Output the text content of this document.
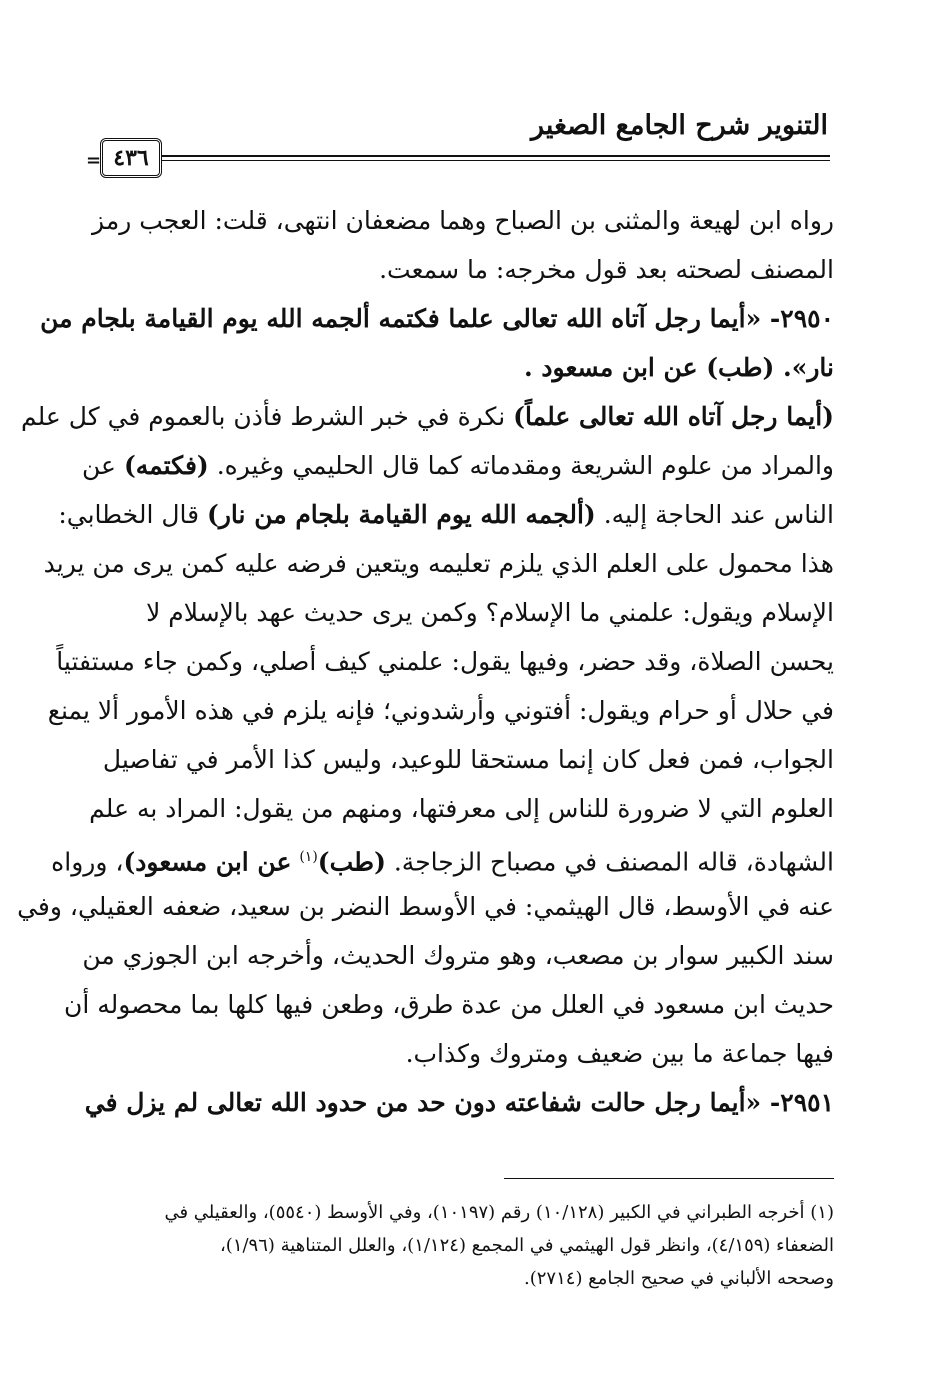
التنوير شرح الجامع الصغير
٤٣٦
=
رواه ابن لهيعة والمثنى بن الصباح وهما مضعفان انتهى، قلت: العجب رمز
المصنف لصحته بعد قول مخرجه: ما سمعت.
٢٩٥٠- «أيما رجل آتاه الله تعالى علما فكتمه ألجمه الله يوم القيامة بلجام من
نار». (طب) عن ابن مسعود .
(أيما رجل آتاه الله تعالى علماً) نكرة في خبر الشرط فأذن بالعموم في كل علم
والمراد من علوم الشريعة ومقدماته كما قال الحليمي وغيره. (فكتمه) عن
الناس عند الحاجة إليه. (ألجمه الله يوم القيامة بلجام من نار) قال الخطابي:
هذا محمول على العلم الذي يلزم تعليمه ويتعين فرضه عليه كمن يرى من يريد
الإسلام ويقول: علمني ما الإسلام؟ وكمن يرى حديث عهد بالإسلام لا
يحسن الصلاة، وقد حضر، وفيها يقول: علمني كيف أصلي، وكمن جاء مستفتياً
في حلال أو حرام ويقول: أفتوني وأرشدوني؛ فإنه يلزم في هذه الأمور ألا يمنع
الجواب، فمن فعل كان إنما مستحقا للوعيد، وليس كذا الأمر في تفاصيل
العلوم التي لا ضرورة للناس إلى معرفتها، ومنهم من يقول: المراد به علم
الشهادة، قاله المصنف في مصباح الزجاجة. (طب)$^{(١)}$ عن ابن مسعود)، ورواه
عنه في الأوسط، قال الهيثمي: في الأوسط النضر بن سعيد، ضعفه العقيلي، وفي
سند الكبير سوار بن مصعب، وهو متروك الحديث، وأخرجه ابن الجوزي من
حديث ابن مسعود في العلل من عدة طرق، وطعن فيها كلها بما محصوله أن
فيها جماعة ما بين ضعيف ومتروك وكذاب.
٢٩٥١- «أيما رجل حالت شفاعته دون حد من حدود الله تعالى لم يزل في
(١) أخرجه الطبراني في الكبير (١٠/١٢٨) رقم (١٠١٩٧)، وفي الأوسط (٥٥٤٠)، والعقيلي في
الضعفاء (٤/١٥٩)، وانظر قول الهيثمي في المجمع (١/١٢٤)، والعلل المتناهية (١/٩٦)،
وصححه الألباني في صحيح الجامع (٢٧١٤).
